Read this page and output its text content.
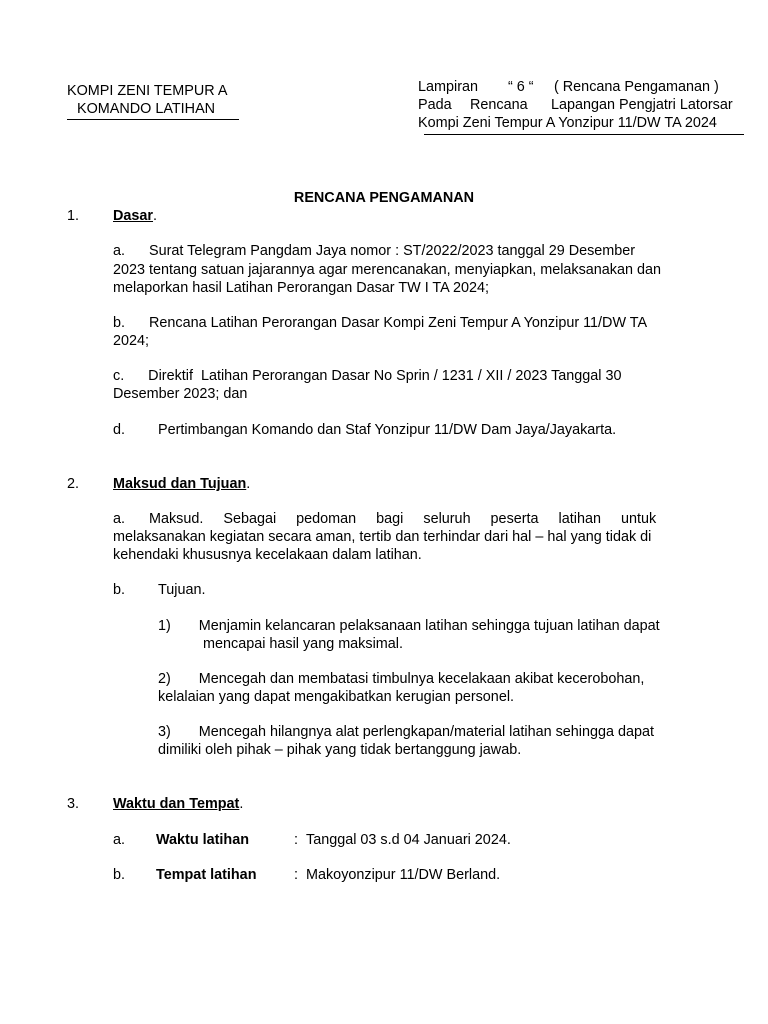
KOMPI ZENI TEMPUR A
KOMANDO LATIHAN
Lampiran “ 6 “ ( Rencana Pengamanan )
Pada Rencana Lapangan Pengjatri Latorsar
Kompi Zeni Tempur A Yonzipur 11/DW TA 2024
RENCANA PENGAMANAN
1. Dasar.
a.      Surat Telegram Pangdam Jaya nomor : ST/2022/2023 tanggal 29 Desember
2023 tentang satuan jajarannya agar merencanakan, menyiapkan, melaksanakan dan
melaporkan hasil Latihan Perorangan Dasar TW I TA 2024;
b.      Rencana Latihan Perorangan Dasar Kompi Zeni Tempur A Yonzipur 11/DW TA
2024;
c.      Direktif  Latihan Perorangan Dasar No Sprin / 1231 / XII / 2023 Tanggal 30
Desember 2023; dan
d. Pertimbangan Komando dan Staf Yonzipur 11/DW Dam Jaya/Jayakarta.
2. Maksud dan Tujuan.
a.      Maksud.     Sebagai     pedoman     bagi     seluruh     peserta     latihan     untuk
melaksanakan kegiatan secara aman, tertib dan terhindar dari hal – hal yang tidak di
kehendaki khususnya kecelakaan dalam latihan.
b. Tujuan.
1)       Menjamin kelancaran pelaksanaan latihan sehingga tujuan latihan dapat
mencapai hasil yang maksimal.
2)       Mencegah dan membatasi timbulnya kecelakaan akibat kecerobohan,
kelalaian yang dapat mengakibatkan kerugian personel.
3)       Mencegah hilangnya alat perlengkapan/material latihan sehingga dapat
dimiliki oleh pihak – pihak yang tidak bertanggung jawab.
3. Waktu dan Tempat.
a. Waktu latihan	: Tanggal 03 s.d 04 Januari 2024.
b. Tempat latihan	: Makoyonzipur 11/DW Berland.
